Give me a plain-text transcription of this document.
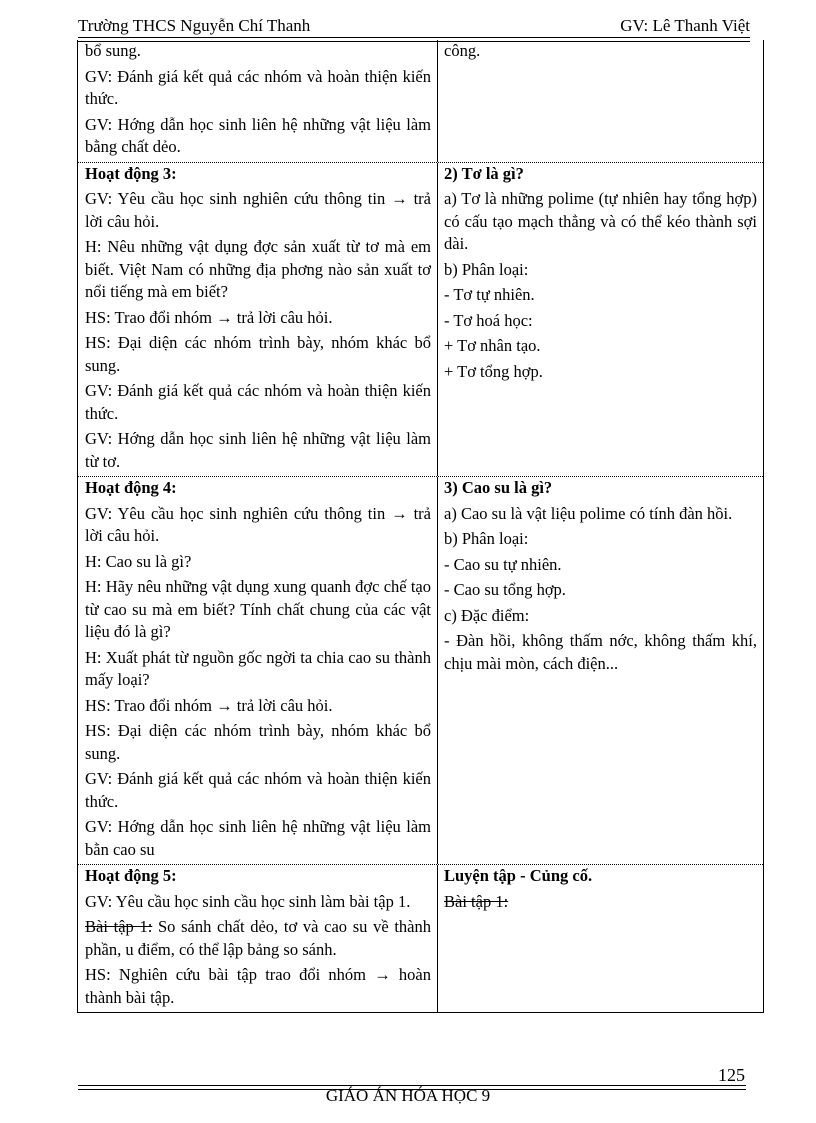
Trường THCS Nguyễn Chí Thanh	GV: Lê Thanh Việt

bổ sung.

GV: Đánh giá kết quả các nhóm và hoàn thiện kiến thức.

GV: Hớng dẫn học sinh liên hệ những vật liệu làm bằng chất dẻo.

công.

Hoạt động 3:

GV: Yêu cầu học sinh nghiên cứu thông tin → trả lời câu hỏi.

H: Nêu những vật dụng đợc sản xuất từ tơ mà em biết. Việt Nam có những địa phơng nào sản xuất tơ nổi tiếng mà em biết?

HS: Trao đổi nhóm → trả lời câu hỏi.

HS: Đại diện các nhóm trình bày, nhóm khác bổ sung.

GV: Đánh giá kết quả các nhóm và hoàn thiện kiến thức.

GV: Hớng dẫn học sinh liên hệ những vật liệu làm từ tơ.

2) Tơ là gì?

a) Tơ là những polime (tự nhiên hay tổng hợp) có cấu tạo mạch thẳng và có thể kéo thành sợi dài.

b) Phân loại:

- Tơ tự nhiên.

- Tơ hoá học:

+ Tơ nhân tạo.

+ Tơ tổng hợp.

Hoạt động 4:

GV: Yêu cầu học sinh nghiên cứu thông tin → trả lời câu hỏi.

H: Cao su là gì?

H: Hãy nêu những vật dụng xung quanh đợc chế tạo từ cao su mà em biết? Tính chất chung của các vật liệu đó là gì?

H: Xuất phát từ nguồn gốc ngời ta chia cao su thành mấy loại?

HS: Trao đổi nhóm → trả lời câu hỏi.

HS: Đại diện các nhóm trình bày, nhóm khác bổ sung.

GV: Đánh giá kết quả các nhóm và hoàn thiện kiến thức.

GV: Hớng dẫn học sinh liên hệ những vật liệu làm bằn cao su

3) Cao su là gì?

a) Cao su là vật liệu polime có tính đàn hồi.

b) Phân loại:

- Cao su tự nhiên.

- Cao su tổng hợp.

c) Đặc điểm:

- Đàn hồi, không thấm nớc, không thấm khí, chịu mài mòn, cách điện...

Hoạt động 5:

GV: Yêu cầu học sinh cầu học sinh làm bài tập 1.

Bài tập 1: So sánh chất dẻo, tơ và cao su về thành phần, u điểm, có thể lập bảng so sánh.

HS: Nghiên cứu bài tập trao đổi nhóm → hoàn thành bài tập.

Luyện tập - Củng cố.

Bài tập 1:

125
GIÁO ÁN HÓA HỌC 9
